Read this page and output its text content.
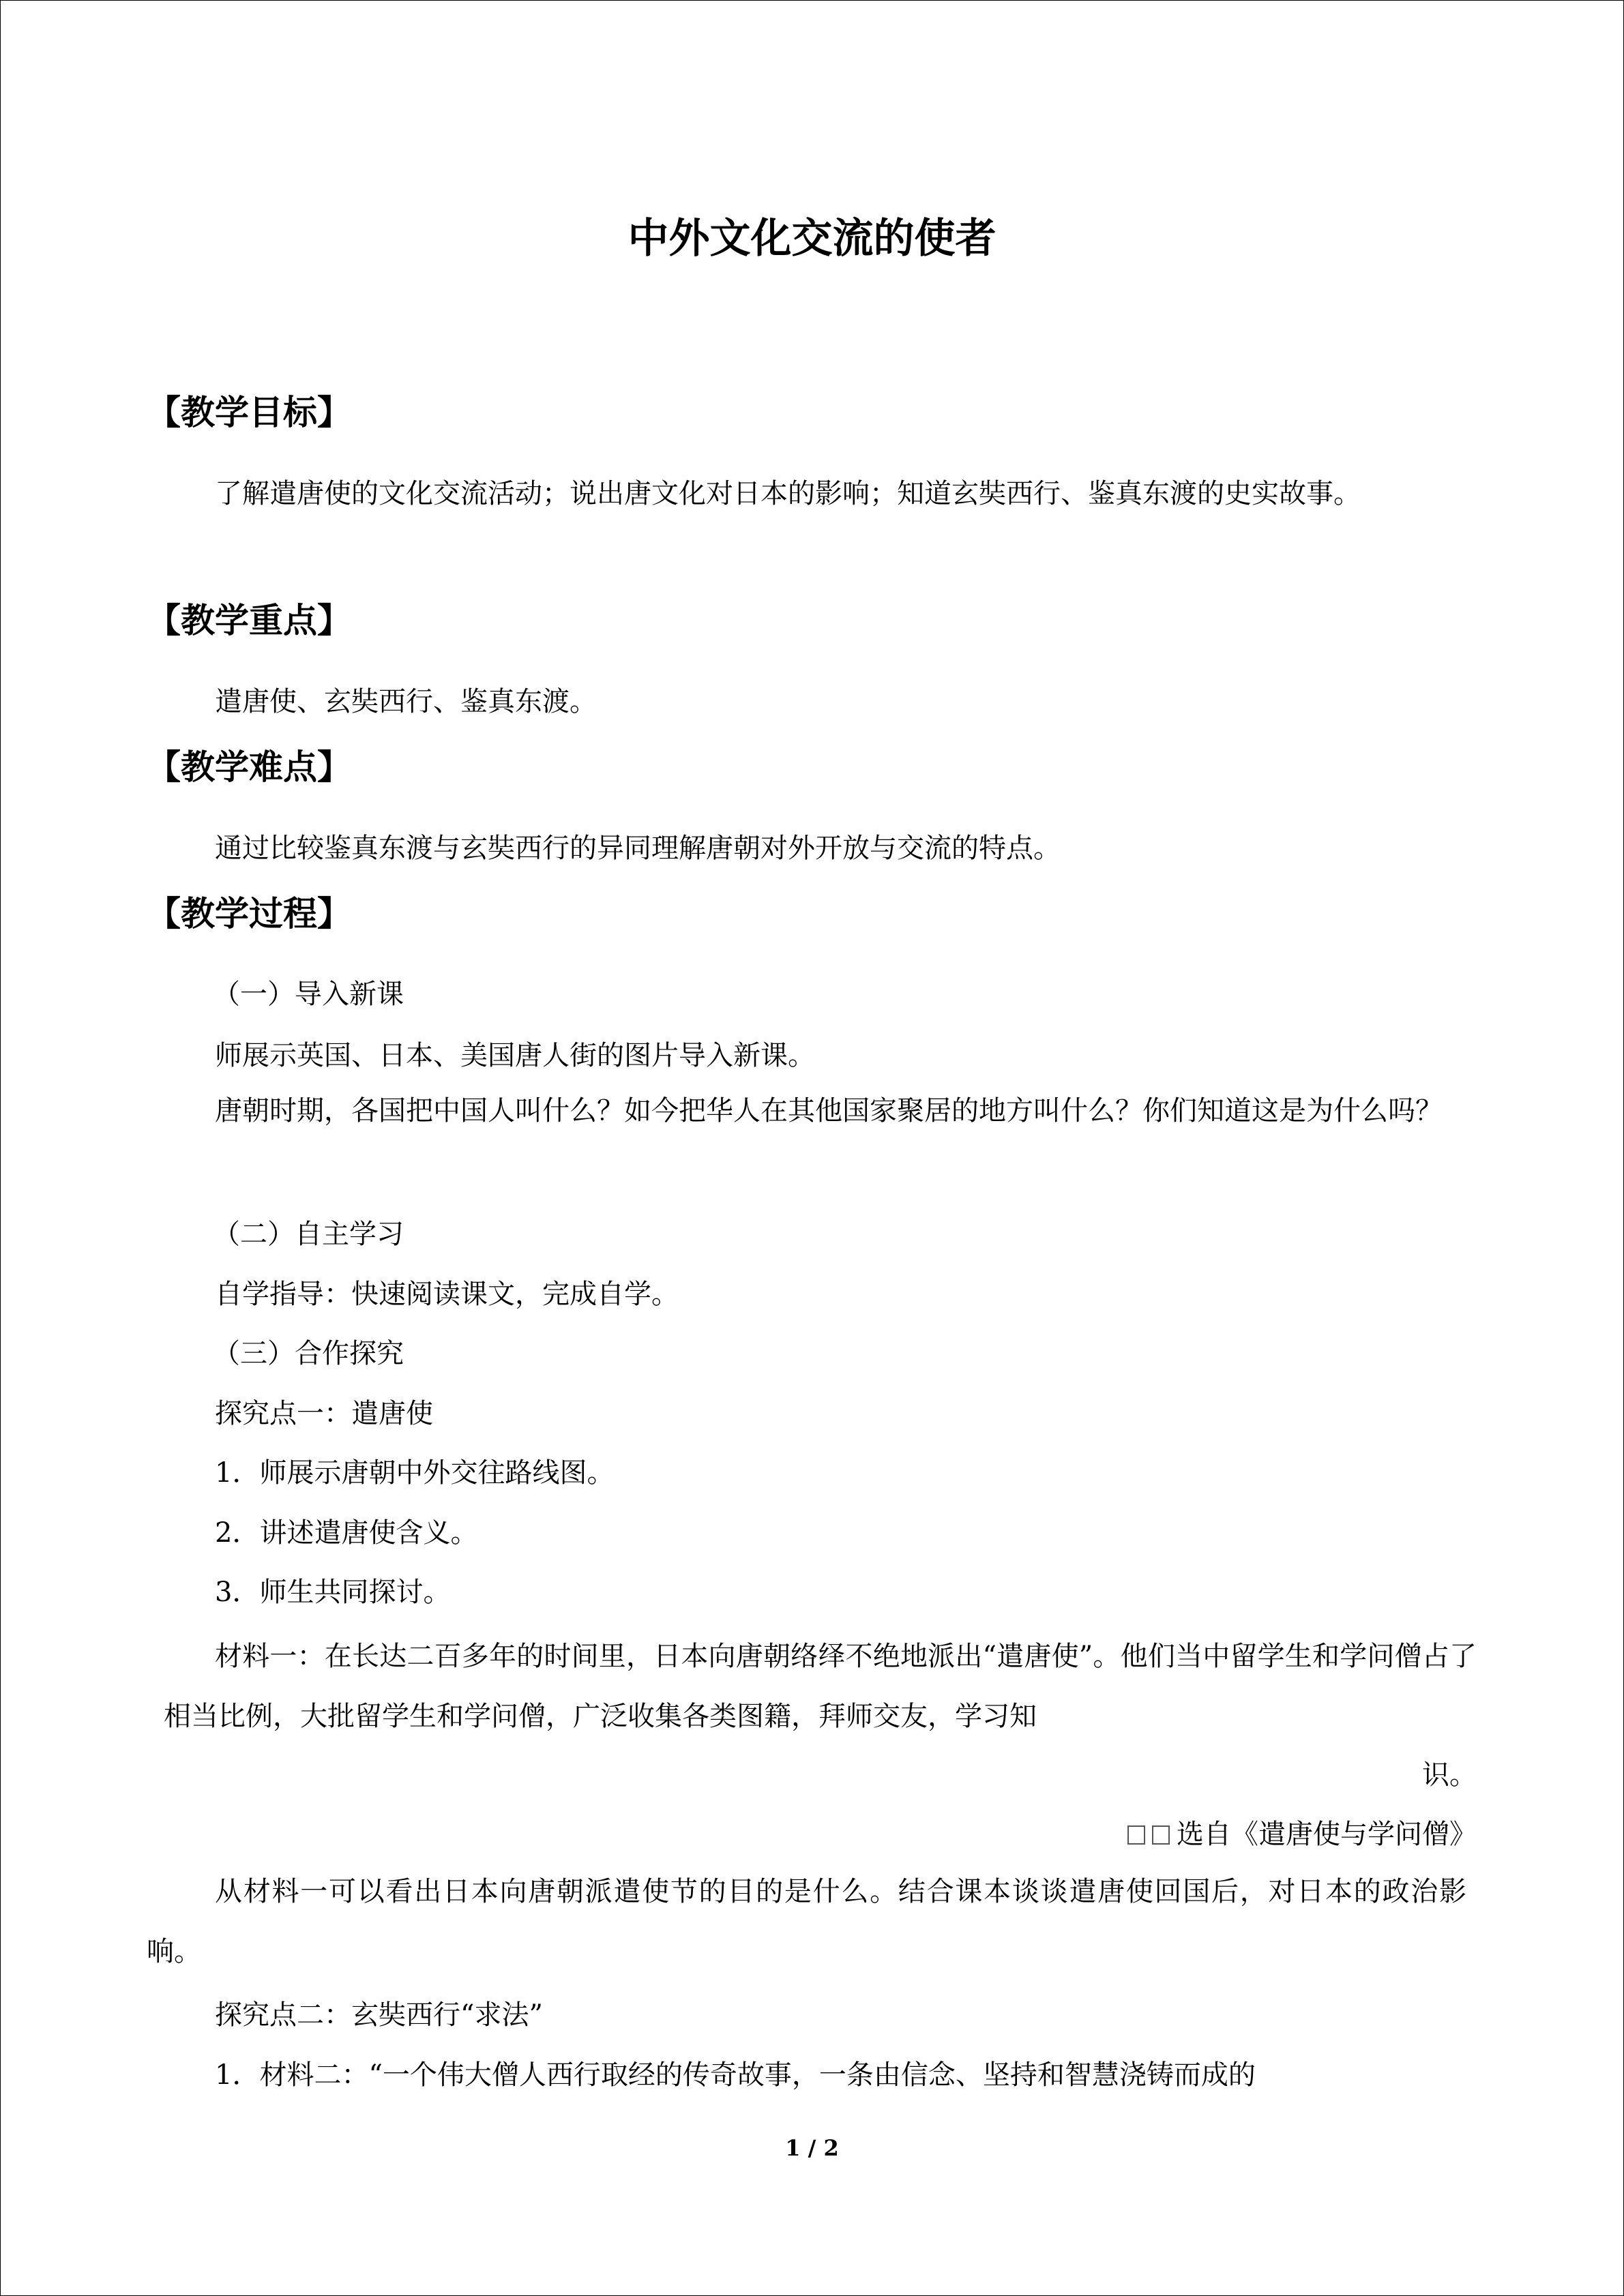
中外文化交流的使者
【教学目标】
了解遣唐使的文化交流活动；说出唐文化对日本的影响；知道玄奘西行、鉴真东渡的史实故事。
【教学重点】
遣唐使、玄奘西行、鉴真东渡。
【教学难点】
通过比较鉴真东渡与玄奘西行的异同理解唐朝对外开放与交流的特点。
【教学过程】
（一）导入新课
师展示英国、日本、美国唐人街的图片导入新课。
唐朝时期，各国把中国人叫什么？如今把华人在其他国家聚居的地方叫什么？你们知道这是为什么吗？
（二）自主学习
自学指导：快速阅读课文，完成自学。
（三）合作探究
探究点一：遣唐使
1．师展示唐朝中外交往路线图。
2．讲述遣唐使含义。
3．师生共同探讨。
材料一：在长达二百多年的时间里，日本向唐朝络绎不绝地派出“遣唐使”。他们当中留学生和学问僧占了相当比例，大批留学生和学问僧，广泛收集各类图籍，拜师交友，学习知
识。
选自《遣唐使与学问僧》
从材料一可以看出日本向唐朝派遣使节的目的是什么。结合课本谈谈遣唐使回国后，对日本的政治影响。
探究点二：玄奘西行“求法”
1．材料二：“一个伟大僧人西行取经的传奇故事，一条由信念、坚持和智慧浇铸而成的
1 / 2
